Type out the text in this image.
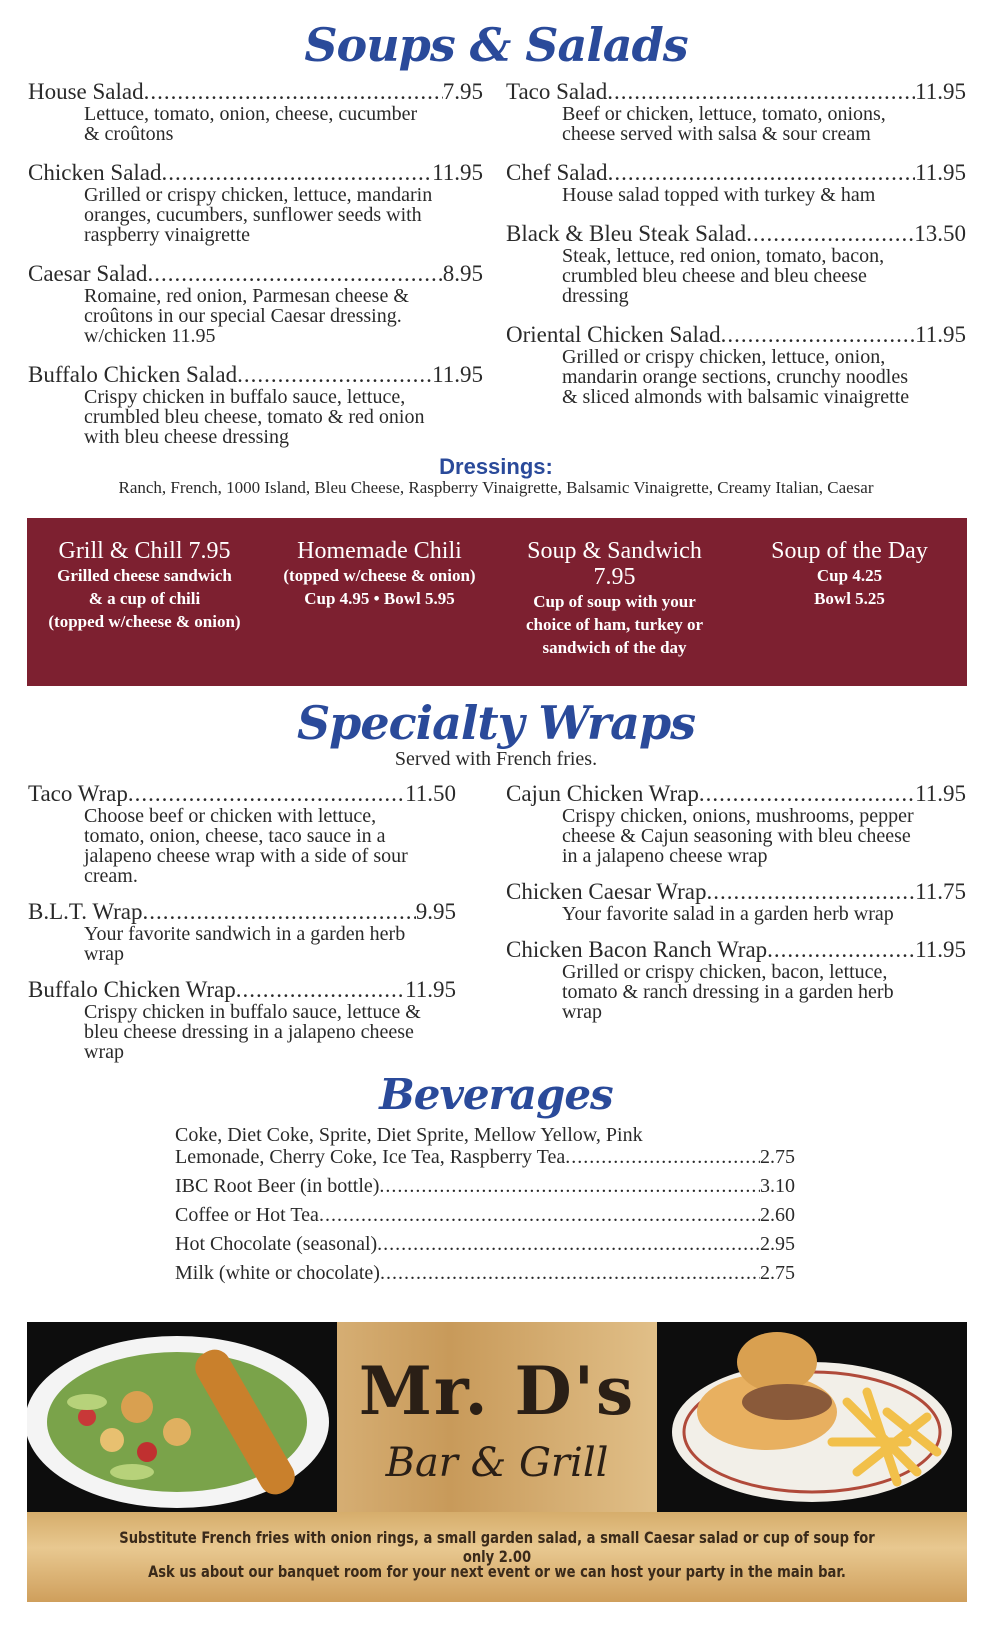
Soups & Salads
House Salad .....	7.95
Lettuce, tomato, onion, cheese, cucumber
& croûtons
Chicken Salad .....	11.95
Grilled or crispy chicken, lettuce, mandarin
oranges, cucumbers, sunflower seeds with
raspberry vinaigrette
Caesar Salad .....	8.95
Romaine, red onion, Parmesan cheese &
croûtons in our special Caesar dressing.
w/chicken 11.95
Buffalo Chicken Salad .....	11.95
Crispy chicken in buffalo sauce, lettuce,
crumbled bleu cheese, tomato & red onion
with bleu cheese dressing
Taco Salad .....	11.95
Beef or chicken, lettuce, tomato, onions,
cheese served with salsa & sour cream
Chef Salad .....	11.95
House salad topped with turkey & ham
Black & Bleu Steak Salad .....	13.50
Steak, lettuce, red onion, tomato, bacon,
crumbled bleu cheese and bleu cheese
dressing
Oriental Chicken Salad .....	11.95
Grilled or crispy chicken, lettuce, onion,
mandarin orange sections, crunchy noodles
& sliced almonds with balsamic vinaigrette
Dressings:
Ranch, French, 1000 Island, Bleu Cheese, Raspberry Vinaigrette, Balsamic Vinaigrette, Creamy Italian, Caesar
Grill & Chill 7.95
Grilled cheese sandwich
& a cup of chili
(topped w/cheese & onion)
Homemade Chili
(topped w/cheese & onion)
Cup 4.95 • Bowl 5.95
Soup & Sandwich
7.95
Cup of soup with your
choice of ham, turkey or
sandwich of the day
Soup of the Day
Cup 4.25
Bowl 5.25
Specialty Wraps
Served with French fries.
Taco Wrap .....	11.50
Choose beef or chicken with lettuce,
tomato, onion, cheese, taco sauce in a
jalapeno cheese wrap with a side of sour
cream.
B.L.T. Wrap .....	9.95
Your favorite sandwich in a garden herb
wrap
Buffalo Chicken Wrap .....	11.95
Crispy chicken in buffalo sauce, lettuce &
bleu cheese dressing in a jalapeno cheese
wrap
Cajun Chicken Wrap .....	11.95
Crispy chicken, onions, mushrooms, pepper
cheese & Cajun seasoning with bleu cheese
in a jalapeno cheese wrap
Chicken Caesar Wrap .....	11.75
Your favorite salad in a garden herb wrap
Chicken Bacon Ranch Wrap .....	11.95
Grilled or crispy chicken, bacon, lettuce,
tomato & ranch dressing in a garden herb
wrap
Beverages
Coke, Diet Coke, Sprite, Diet Sprite, Mellow Yellow, Pink
Lemonade, Cherry Coke, Ice Tea, Raspberry Tea .....	2.75
IBC Root Beer (in bottle) .....	3.10
Coffee or Hot Tea .....	2.60
Hot Chocolate (seasonal) .....	2.95
Milk (white or chocolate) .....	2.75
Mr. D's
Bar & Grill
Substitute French fries with onion rings, a small garden salad, a small Caesar salad or cup of soup for only 2.00
Ask us about our banquet room for your next event or we can host your party in the main bar.
